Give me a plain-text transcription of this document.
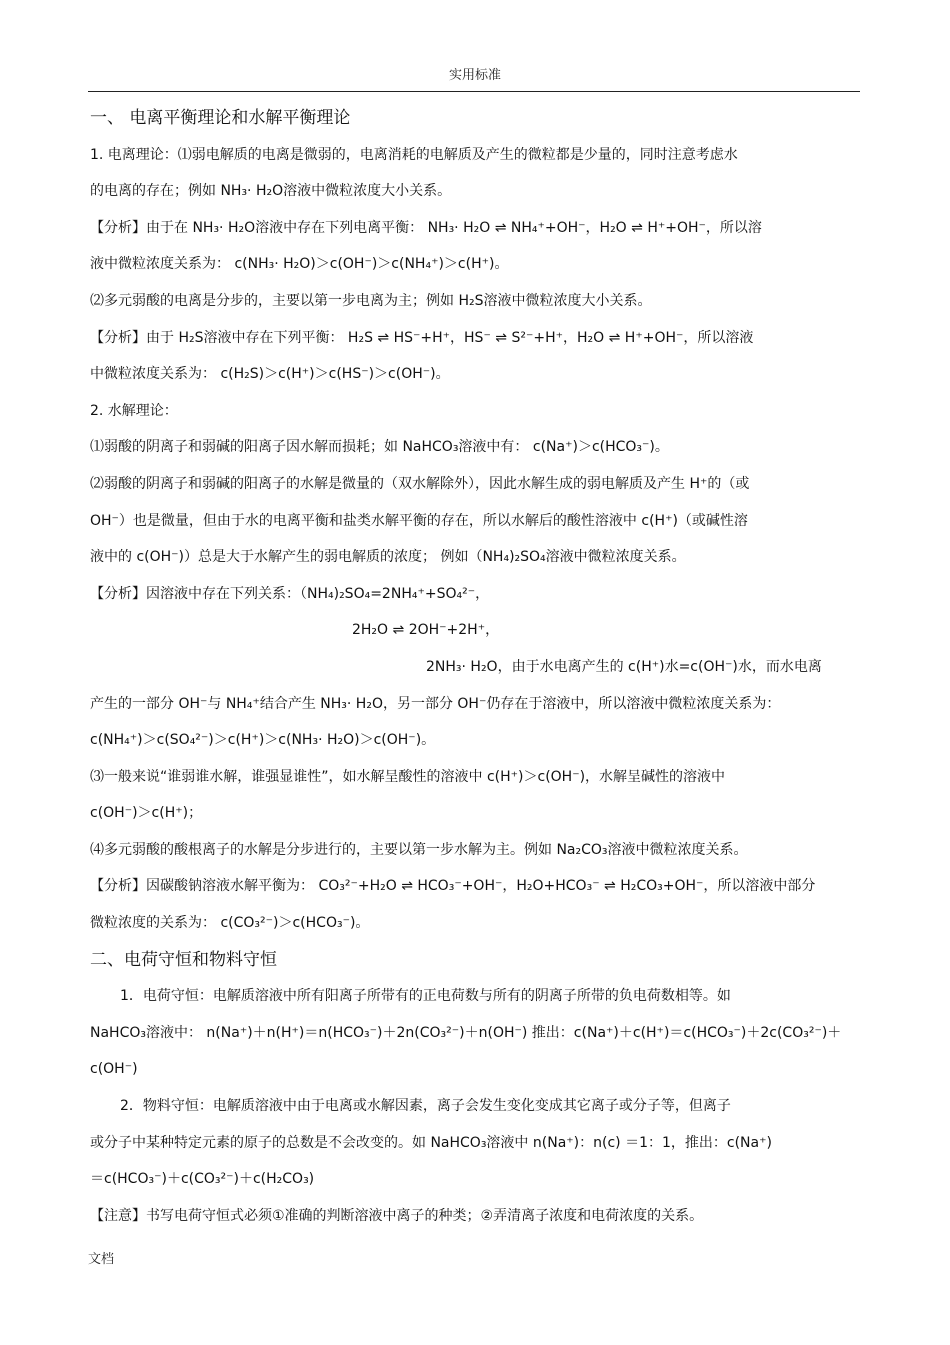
实用标准
一、 电离平衡理论和水解平衡理论
1. 电离理论：⑴弱电解质的电离是微弱的，电离消耗的电解质及产生的微粒都是少量的，同时注意考虑水
的电离的存在；例如 NH₃· H₂O溶液中微粒浓度大小关系。
【分析】由于在 NH₃· H₂O溶液中存在下列电离平衡： NH₃· H₂O ⇌ NH₄⁺+OH⁻，H₂O ⇌ H⁺+OH⁻，所以溶
液中微粒浓度关系为： c(NH₃· H₂O)＞c(OH⁻)＞c(NH₄⁺)＞c(H⁺)。
⑵多元弱酸的电离是分步的，主要以第一步电离为主；例如 H₂S溶液中微粒浓度大小关系。
【分析】由于 H₂S溶液中存在下列平衡： H₂S ⇌ HS⁻+H⁺，HS⁻ ⇌ S²⁻+H⁺，H₂O ⇌ H⁺+OH⁻，所以溶液
中微粒浓度关系为： c(H₂S)＞c(H⁺)＞c(HS⁻)＞c(OH⁻)。
2. 水解理论：
⑴弱酸的阴离子和弱碱的阳离子因水解而损耗；如 NaHCO₃溶液中有： c(Na⁺)＞c(HCO₃⁻)。
⑵弱酸的阴离子和弱碱的阳离子的水解是微量的（双水解除外），因此水解生成的弱电解质及产生 H⁺的（或
OH⁻）也是微量，但由于水的电离平衡和盐类水解平衡的存在，所以水解后的酸性溶液中 c(H⁺)（或碱性溶
液中的 c(OH⁻)）总是大于水解产生的弱电解质的浓度； 例如（NH₄)₂SO₄溶液中微粒浓度关系。
【分析】因溶液中存在下列关系：（NH₄)₂SO₄=2NH₄⁺+SO₄²⁻，
2H₂O ⇌ 2OH⁻+2H⁺，
2NH₃· H₂O，由于水电离产生的 c(H⁺)水=c(OH⁻)水，而水电离
产生的一部分 OH⁻与 NH₄⁺结合产生 NH₃· H₂O，另一部分 OH⁻仍存在于溶液中，所以溶液中微粒浓度关系为：
c(NH₄⁺)＞c(SO₄²⁻)＞c(H⁺)＞c(NH₃· H₂O)＞c(OH⁻)。
⑶一般来说“谁弱谁水解，谁强显谁性”，如水解呈酸性的溶液中 c(H⁺)＞c(OH⁻)，水解呈碱性的溶液中
c(OH⁻)＞c(H⁺)；
⑷多元弱酸的酸根离子的水解是分步进行的，主要以第一步水解为主。例如 Na₂CO₃溶液中微粒浓度关系。
【分析】因碳酸钠溶液水解平衡为： CO₃²⁻+H₂O ⇌ HCO₃⁻+OH⁻，H₂O+HCO₃⁻ ⇌ H₂CO₃+OH⁻，所以溶液中部分
微粒浓度的关系为： c(CO₃²⁻)＞c(HCO₃⁻)。
二、电荷守恒和物料守恒
1．电荷守恒：电解质溶液中所有阳离子所带有的正电荷数与所有的阴离子所带的负电荷数相等。如
NaHCO₃溶液中： n(Na⁺)＋n(H⁺)＝n(HCO₃⁻)＋2n(CO₃²⁻)＋n(OH⁻) 推出：c(Na⁺)＋c(H⁺)＝c(HCO₃⁻)＋2c(CO₃²⁻)＋
c(OH⁻)
2．物料守恒：电解质溶液中由于电离或水解因素，离子会发生变化变成其它离子或分子等，但离子
或分子中某种特定元素的原子的总数是不会改变的。如 NaHCO₃溶液中 n(Na⁺)：n(c) ＝1：1，推出：c(Na⁺)
＝c(HCO₃⁻)＋c(CO₃²⁻)＋c(H₂CO₃)
【注意】书写电荷守恒式必须①准确的判断溶液中离子的种类；②弄清离子浓度和电荷浓度的关系。
文档
